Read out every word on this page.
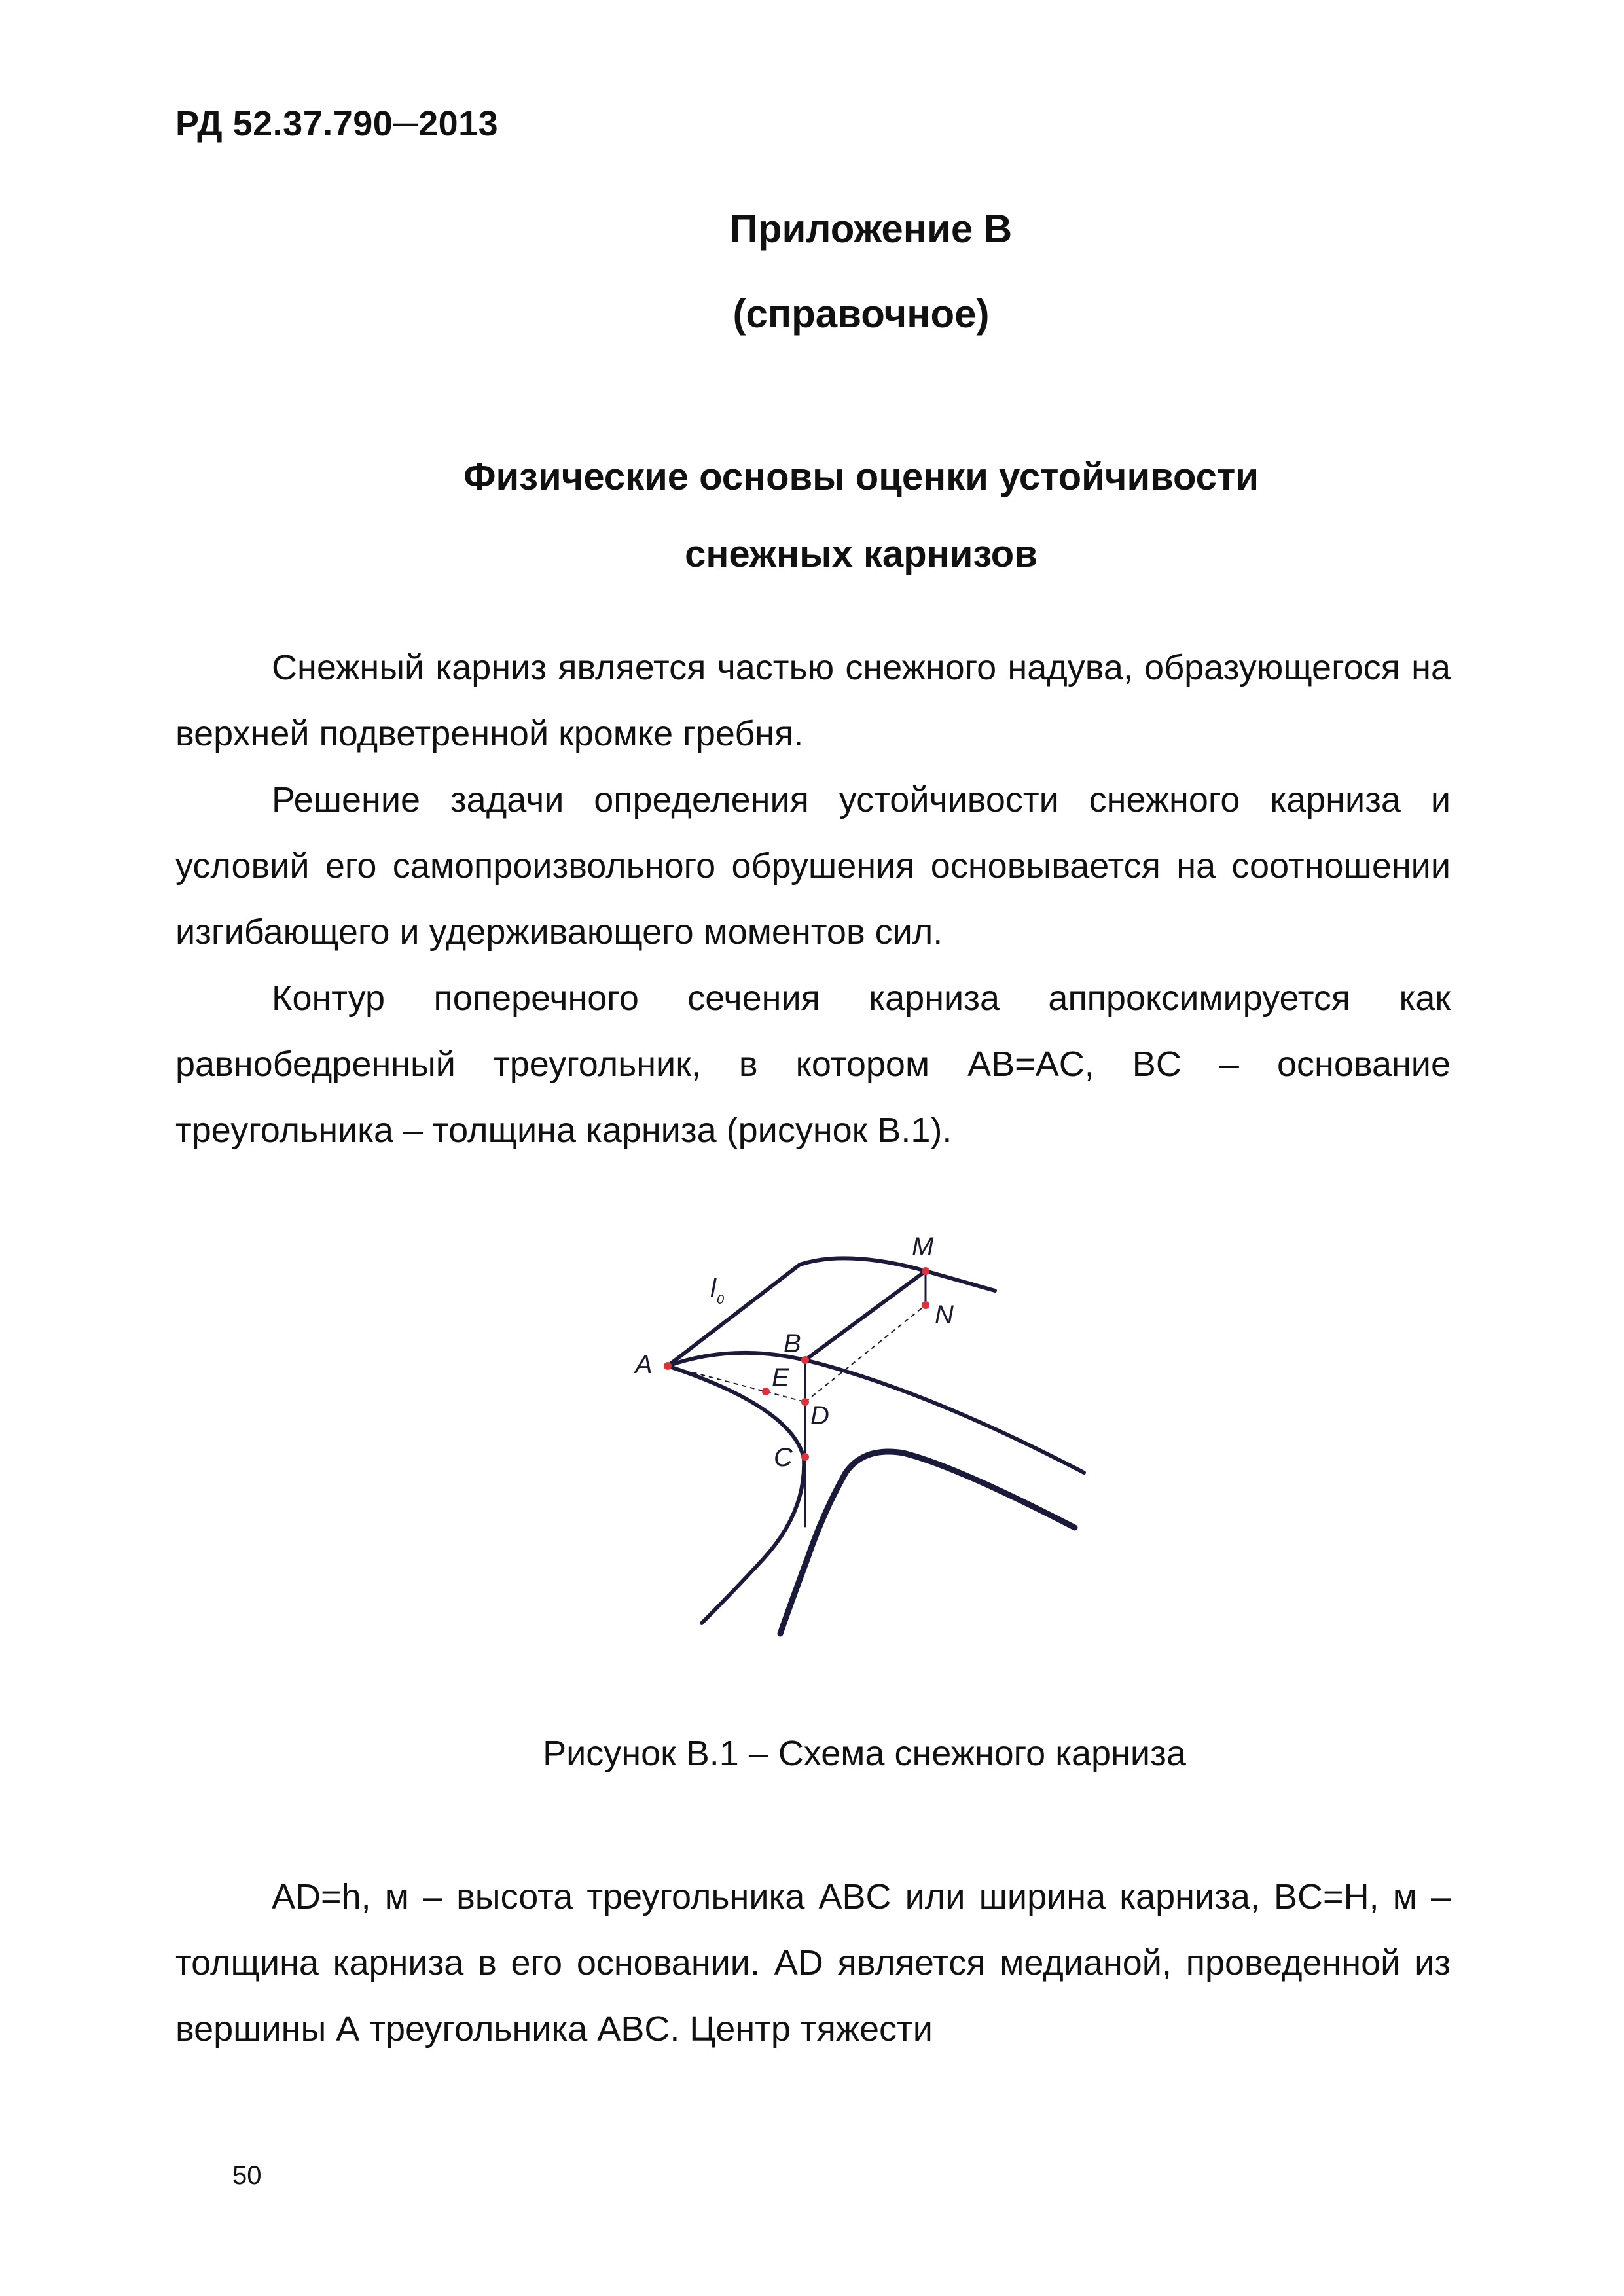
РД 52.37.790─2013
Приложение В
(справочное)
Физические основы оценки устойчивости
снежных карнизов

Снежный карниз является частью снежного надува, образующегося на верхней подветренной кромке гребня.

Решение задачи определения устойчивости снежного карниза и условий его самопроизвольного обрушения основывается на соотношении изгибающего и удерживающего моментов сил.

Контур поперечного сечения карниза аппроксимируется как равнобедренный треугольник, в котором AB=AC, BC – основание треугольника – толщина карниза (рисунок В.1).

A
B
E
D
C
M
N
l 0
Рисунок В.1 – Схема снежного карниза

AD=h, м – высота треугольника ABC или ширина карниза, BC=H, м – толщина карниза в его основании. AD является медианой, проведенной из вершины А треугольника ABC. Центр тяжести

50
